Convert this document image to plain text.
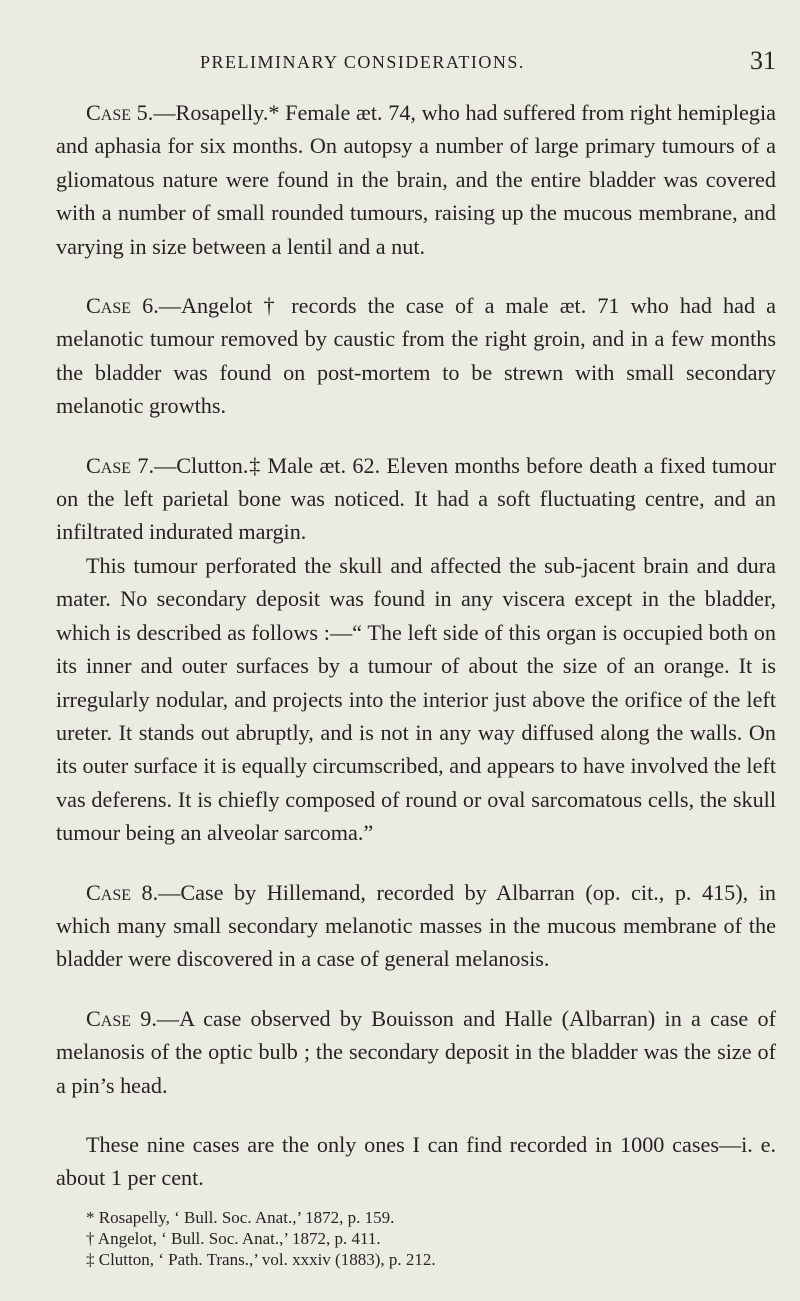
PRELIMINARY CONSIDERATIONS.	31

Case 5.—Rosapelly.* Female æt. 74, who had suffered from right hemiplegia and aphasia for six months. On autopsy a number of large primary tumours of a gliomatous nature were found in the brain, and the entire bladder was covered with a number of small rounded tumours, raising up the mucous membrane, and varying in size between a lentil and a nut.

Case 6.—Angelot † records the case of a male æt. 71 who had had a melanotic tumour removed by caustic from the right groin, and in a few months the bladder was found on post-mortem to be strewn with small secondary melanotic growths.

Case 7.—Clutton.‡ Male æt. 62. Eleven months before death a fixed tumour on the left parietal bone was noticed. It had a soft fluctuating centre, and an infiltrated indurated margin.

This tumour perforated the skull and affected the sub-jacent brain and dura mater. No secondary deposit was found in any viscera except in the bladder, which is described as follows :—“ The left side of this organ is occupied both on its inner and outer surfaces by a tumour of about the size of an orange. It is irregularly nodular, and projects into the interior just above the orifice of the left ureter. It stands out abruptly, and is not in any way diffused along the walls. On its outer surface it is equally circumscribed, and appears to have involved the left vas deferens. It is chiefly composed of round or oval sarcomatous cells, the skull tumour being an alveolar sarcoma.”

Case 8.—Case by Hillemand, recorded by Albarran (op. cit., p. 415), in which many small secondary melanotic masses in the mucous membrane of the bladder were discovered in a case of general melanosis.

Case 9.—A case observed by Bouisson and Halle (Albarran) in a case of melanosis of the optic bulb ; the secondary deposit in the bladder was the size of a pin’s head.

These nine cases are the only ones I can find recorded in 1000 cases—i. e. about 1 per cent.

* Rosapelly, ‘ Bull. Soc. Anat.,’ 1872, p. 159.

† Angelot, ‘ Bull. Soc. Anat.,’ 1872, p. 411.

‡ Clutton, ‘ Path. Trans.,’ vol. xxxiv (1883), p. 212.
